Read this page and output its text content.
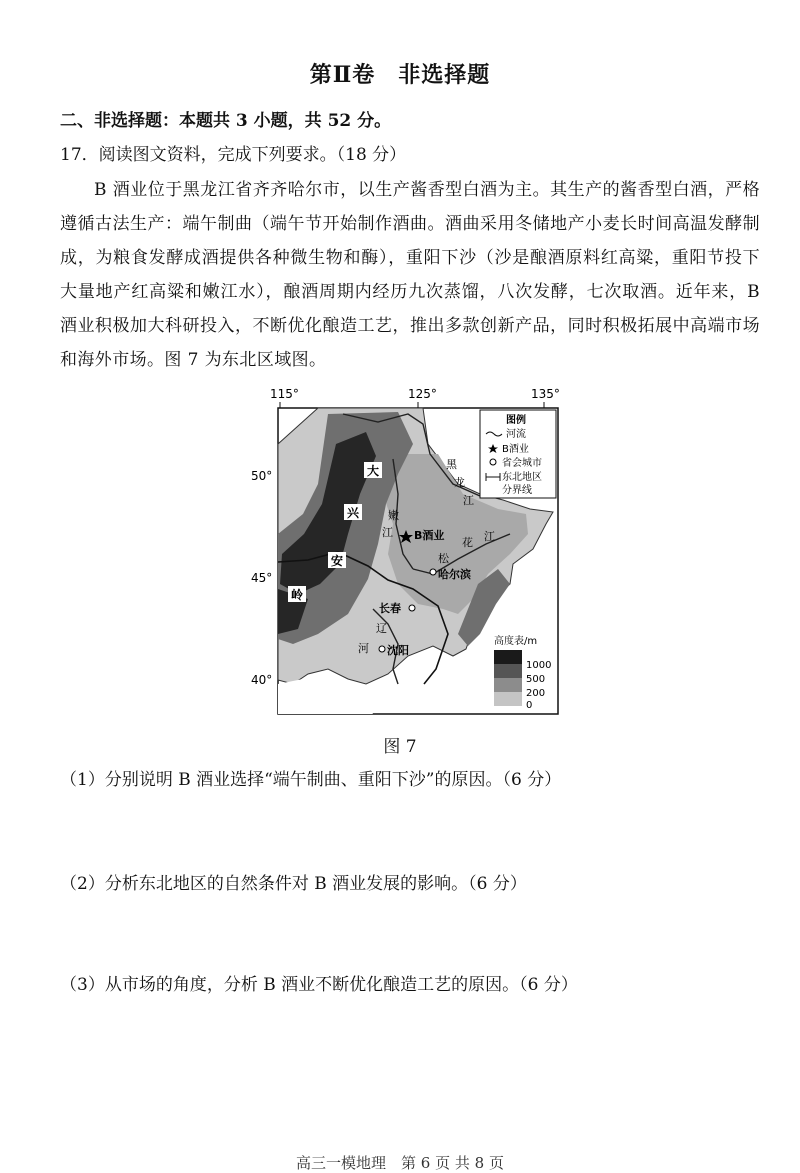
第Ⅱ卷　非选择题
二、非选择题：本题共 3 小题，共 52 分。
17．阅读图文资料，完成下列要求。（18 分）
B 酒业位于黑龙江省齐齐哈尔市，以生产酱香型白酒为主。其生产的酱香型白酒，严格遵循古法生产：端午制曲（端午节开始制作酒曲。酒曲采用冬储地产小麦长时间高温发酵制成，为粮食发酵成酒提供各种微生物和酶），重阳下沙（沙是酿酒原料红高粱，重阳节投下大量地产红高粱和嫩江水），酿酒周期内经历九次蒸馏，八次发酵，七次取酒。近年来，B 酒业积极加大科研投入，不断优化酿造工艺，推出多款创新产品，同时积极拓展中高端市场和海外市场。图 7 为东北区域图。
115°	125°	135°
50°
45°
40°
大
兴
安
岭
黑
龙
江
嫩
江
松
花 江
辽
河
B酒业
哈尔滨
长春
沈阳
图例
河流
B酒业
省会城市
东北地区
分界线
高度表/m
1000
500
200
0
图 7
（1）分别说明 B 酒业选择“端午制曲、重阳下沙”的原因。（6 分）
（2）分析东北地区的自然条件对 B 酒业发展的影响。（6 分）
（3）从市场的角度，分析 B 酒业不断优化酿造工艺的原因。（6 分）
高三一模地理　第 6 页 共 8 页
